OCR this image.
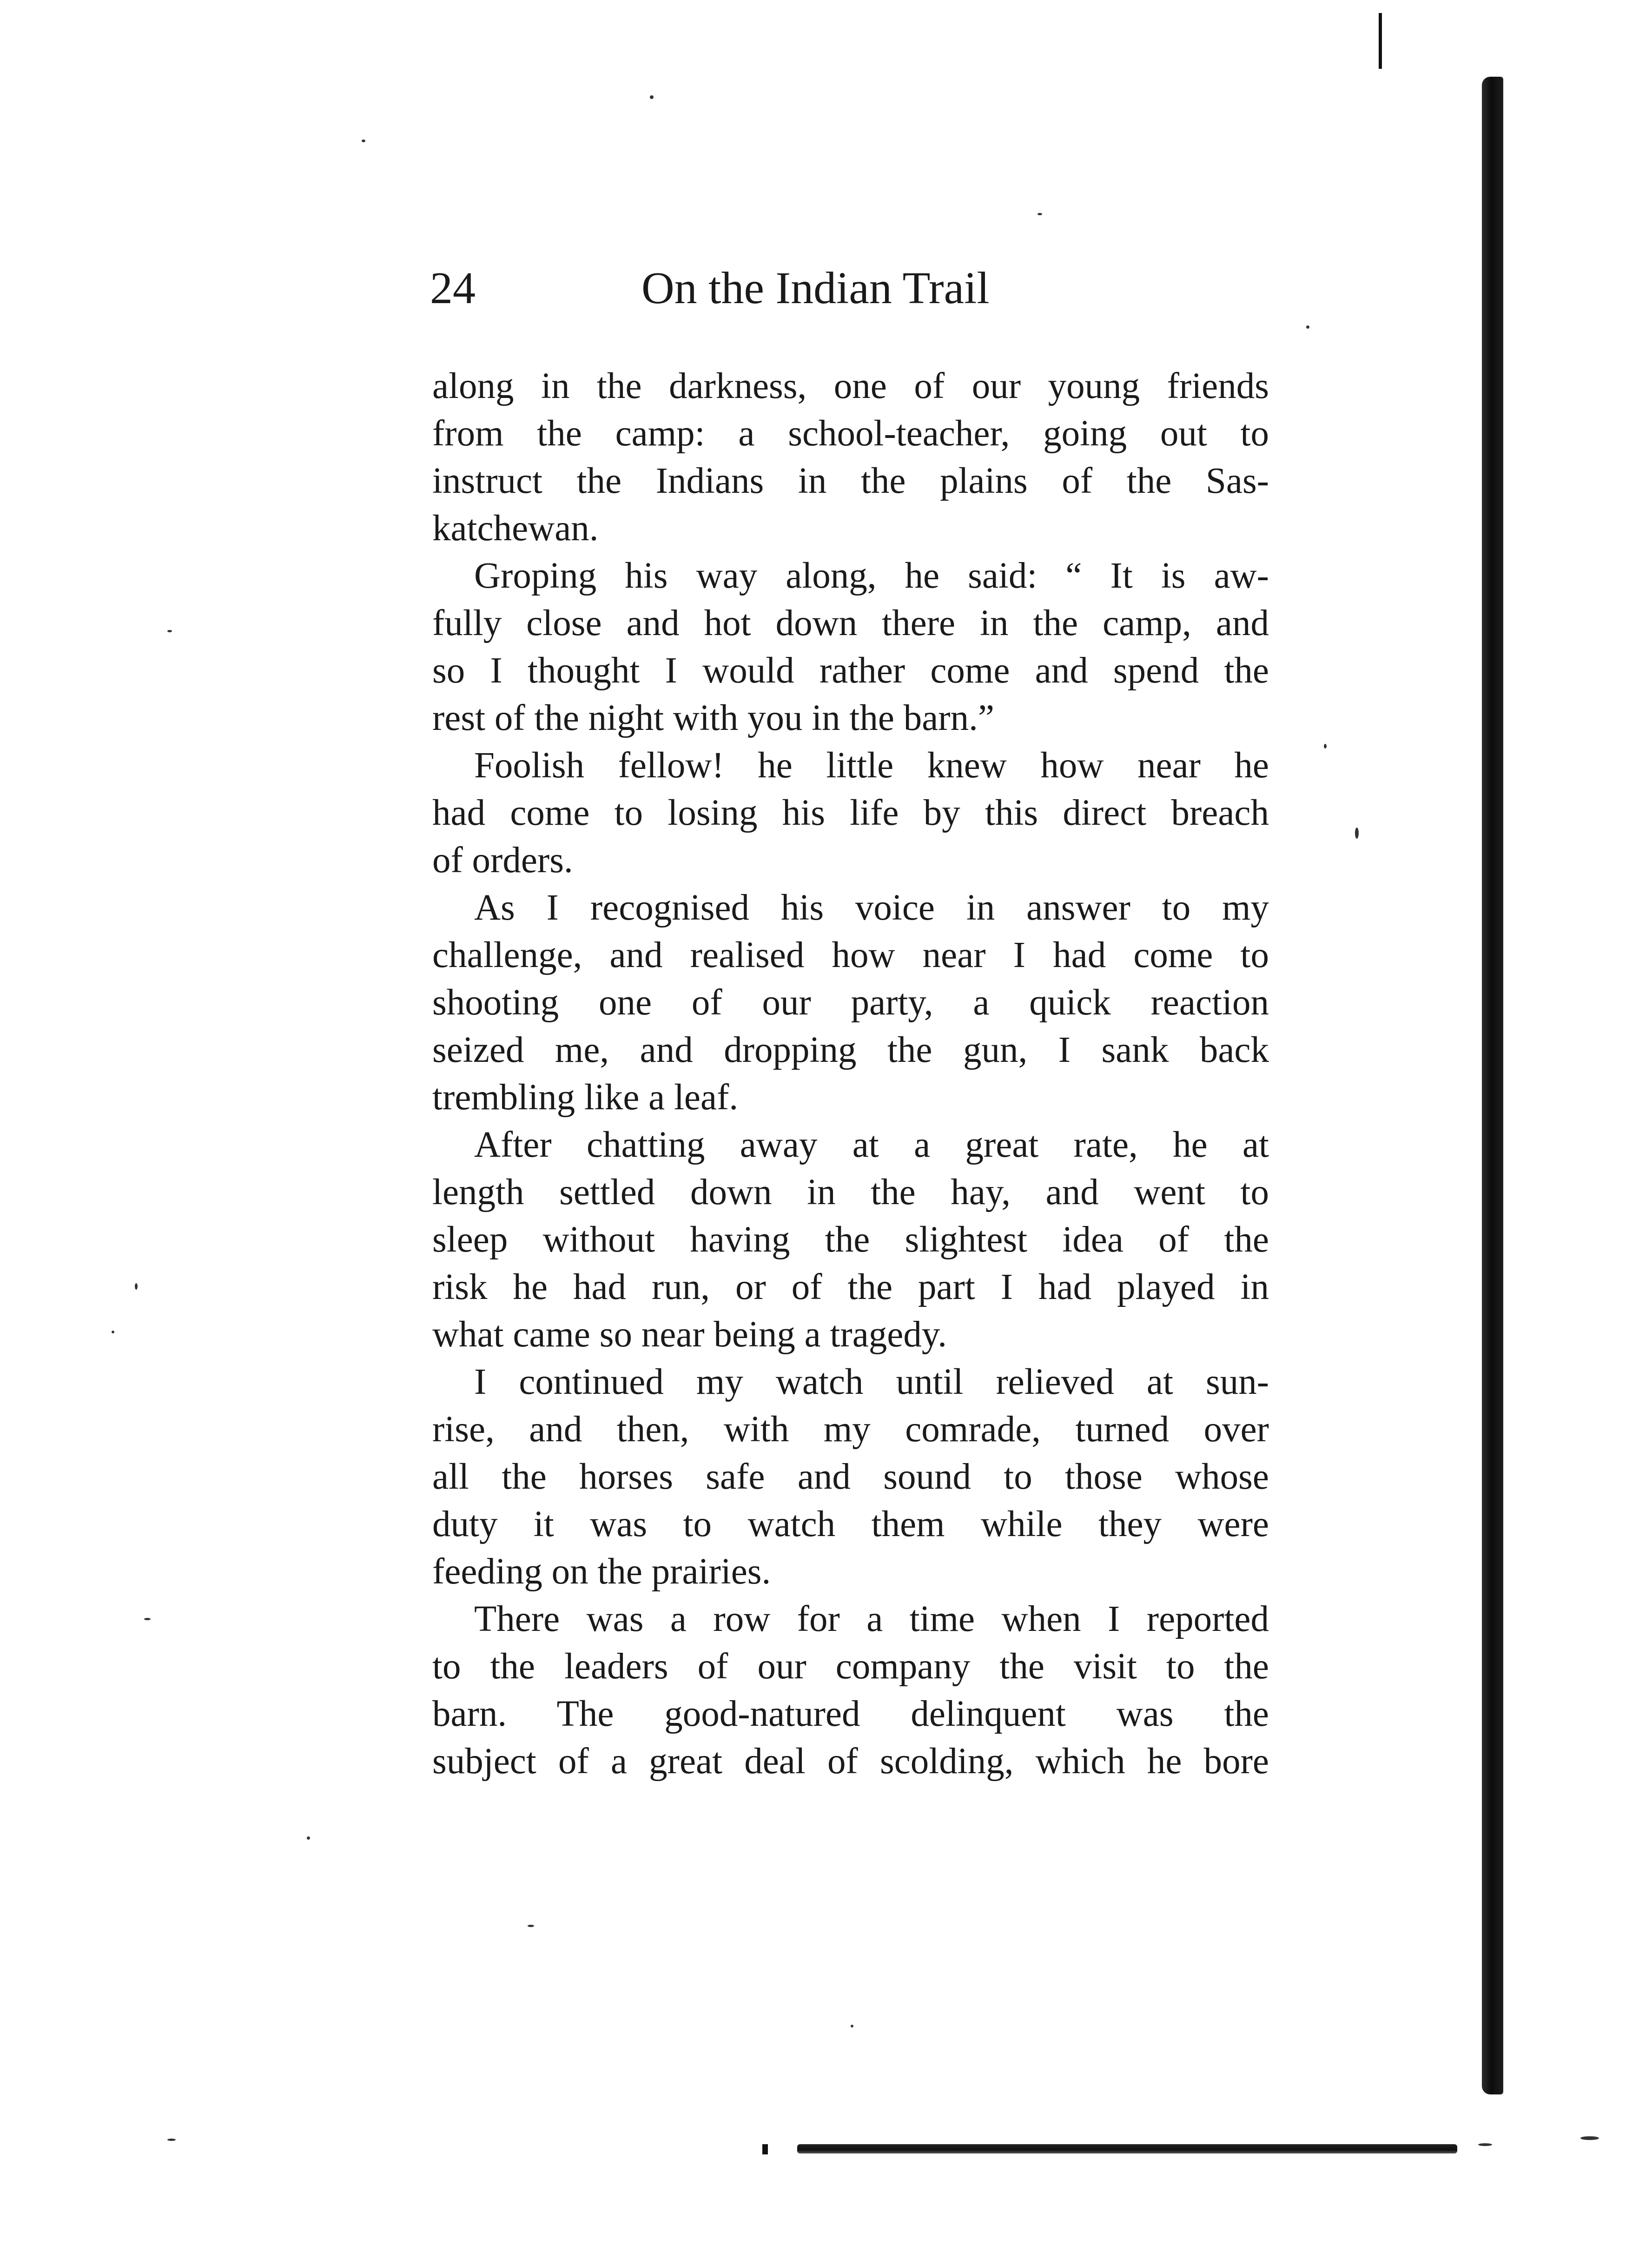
24	On the Indian Trail

along in the darkness, one of our young friends
from the camp: a school-teacher, going out to
instruct the Indians in the plains of the Sas-
katchewan.

Groping his way along, he said: “ It is aw-
fully close and hot down there in the camp, and
so I thought I would rather come and spend the
rest of the night with you in the barn.”

Foolish fellow! he little knew how near he
had come to losing his life by this direct breach
of orders.

As I recognised his voice in answer to my
challenge, and realised how near I had come to
shooting one of our party, a quick reaction
seized me, and dropping the gun, I sank back
trembling like a leaf.

After chatting away at a great rate, he at
length settled down in the hay, and went to
sleep without having the slightest idea of the
risk he had run, or of the part I had played in
what came so near being a tragedy.

I continued my watch until relieved at sun-
rise, and then, with my comrade, turned over
all the horses safe and sound to those whose
duty it was to watch them while they were
feeding on the prairies.

There was a row for a time when I reported
to the leaders of our company the visit to the
barn. The good-natured delinquent was the
subject of a great deal of scolding, which he bore
